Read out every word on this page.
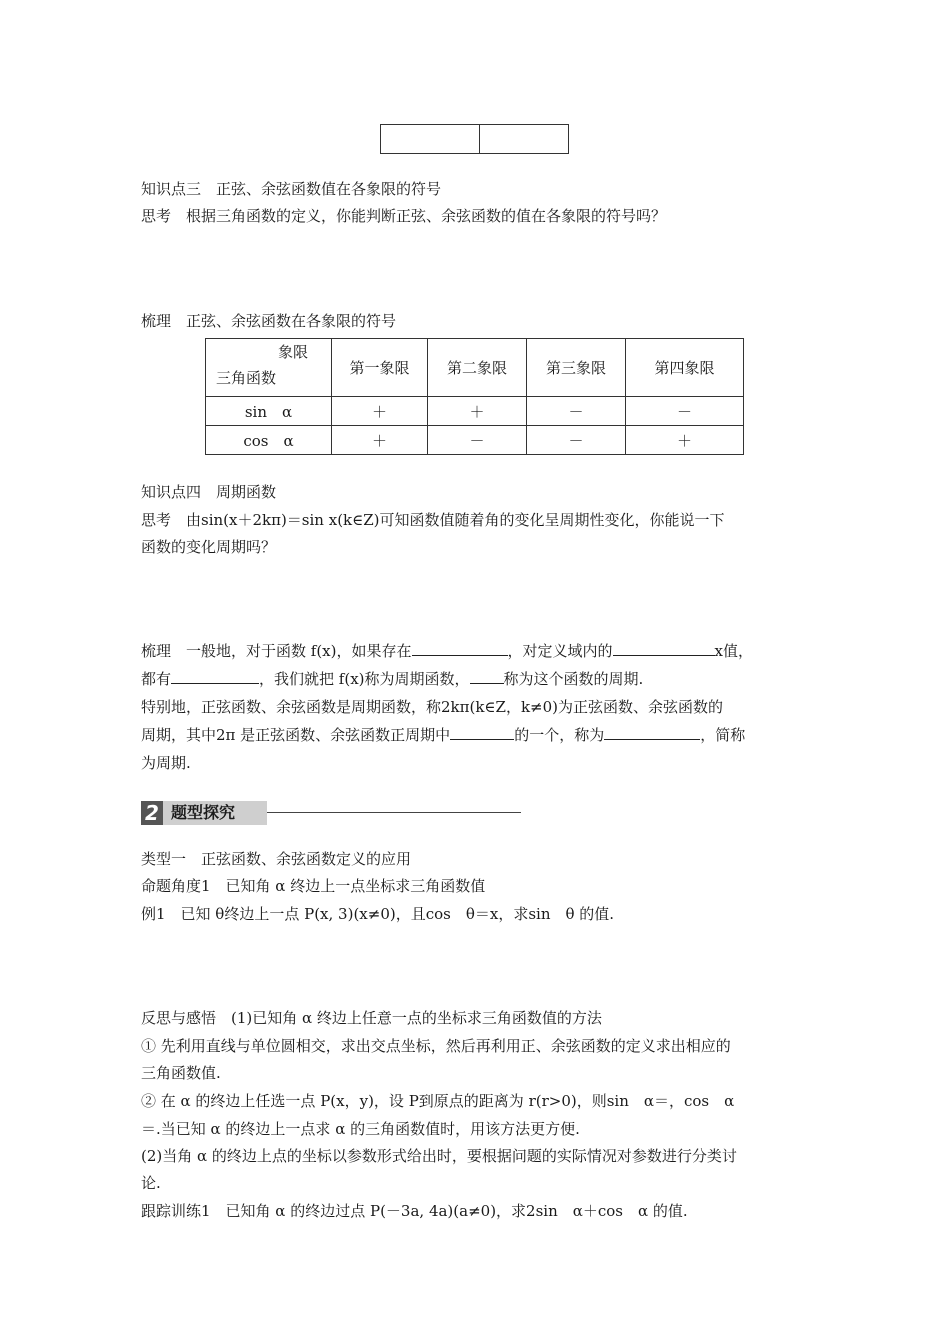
知识点三　正弦、余弦函数值在各象限的符号
思考　根据三角函数的定义，你能判断正弦、余弦函数的值在各象限的符号吗？
梳理　正弦、余弦函数在各象限的符号
象限
三角函数	第一象限	第二象限	第三象限	第四象限
sin　α	＋	＋	－	－
cos　α	＋	－	－	＋
知识点四　周期函数
思考　由sin(x＋2kπ)＝sin x(k∈Z)可知函数值随着角的变化呈周期性变化，你能说一下
函数的变化周期吗？
梳理　一般地，对于函数 f(x)，如果存在	，对定义域内的	x值，
都有	，我们就把 f(x)称为周期函数， 称为这个函数的周期.
特别地，正弦函数、余弦函数是周期函数，称2kπ(k∈Z，k≠0)为正弦函数、余弦函数的
周期，其中2π 是正弦函数、余弦函数正周期中	的一个，称为	，简称
为周期.
2 题型探究
类型一　正弦函数、余弦函数定义的应用
命题角度1　已知角 α 终边上一点坐标求三角函数值
例1　已知 θ终边上一点 P(x, 3)(x≠0)，且cos　θ＝x，求sin　θ 的值.
反思与感悟　(1)已知角 α 终边上任意一点的坐标求三角函数值的方法
① 先利用直线与单位圆相交，求出交点坐标，然后再利用正、余弦函数的定义求出相应的
三角函数值.
② 在 α 的终边上任选一点 P(x，y)，设 P到原点的距离为 r(r>0)，则sin　α＝，cos　α
＝.当已知 α 的终边上一点求 α 的三角函数值时，用该方法更方便.
(2)当角 α 的终边上点的坐标以参数形式给出时，要根据问题的实际情况对参数进行分类讨
论.
跟踪训练1　已知角 α 的终边过点 P(－3a, 4a)(a≠0)，求2sin　α＋cos　α 的值.
